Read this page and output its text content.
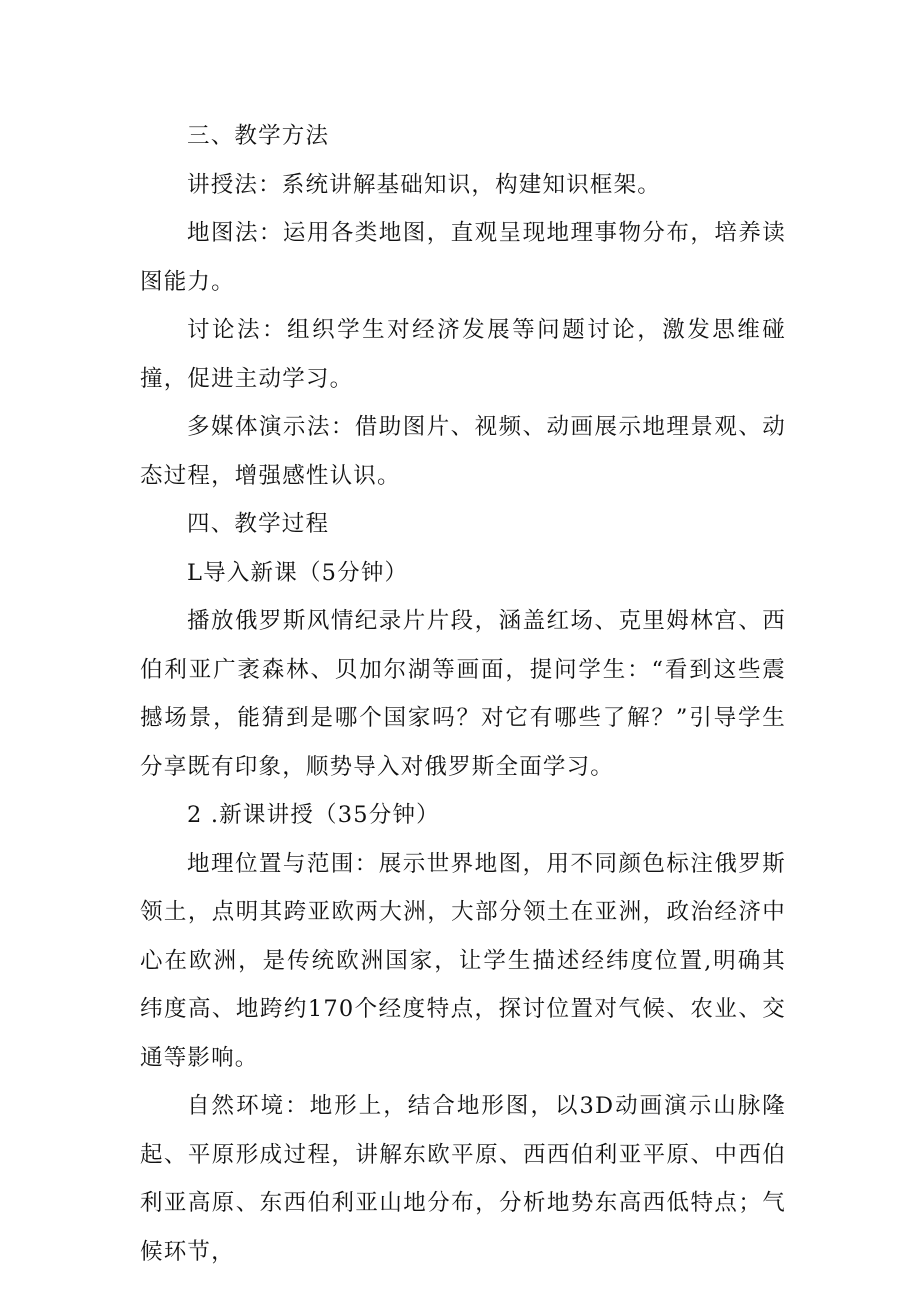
三、教学方法

讲授法：系统讲解基础知识，构建知识框架。

地图法：运用各类地图，直观呈现地理事物分布，培养读图能力。

讨论法：组织学生对经济发展等问题讨论，激发思维碰撞，促进主动学习。

多媒体演示法：借助图片、视频、动画展示地理景观、动态过程，增强感性认识。

四、教学过程

L导入新课（5分钟）

播放俄罗斯风情纪录片片段，涵盖红场、克里姆林宫、西伯利亚广袤森林、贝加尔湖等画面，提问学生：“看到这些震撼场景，能猜到是哪个国家吗？对它有哪些了解？”引导学生分享既有印象，顺势导入对俄罗斯全面学习。

2 .新课讲授（35分钟）

地理位置与范围：展示世界地图，用不同颜色标注俄罗斯领土，点明其跨亚欧两大洲，大部分领土在亚洲，政治经济中心在欧洲，是传统欧洲国家，让学生描述经纬度位置,明确其纬度高、地跨约170个经度特点，探讨位置对气候、农业、交通等影响。

自然环境：地形上，结合地形图，以3D动画演示山脉隆起、平原形成过程，讲解东欧平原、西西伯利亚平原、中西伯利亚高原、东西伯利亚山地分布，分析地势东高西低特点；气候环节，
